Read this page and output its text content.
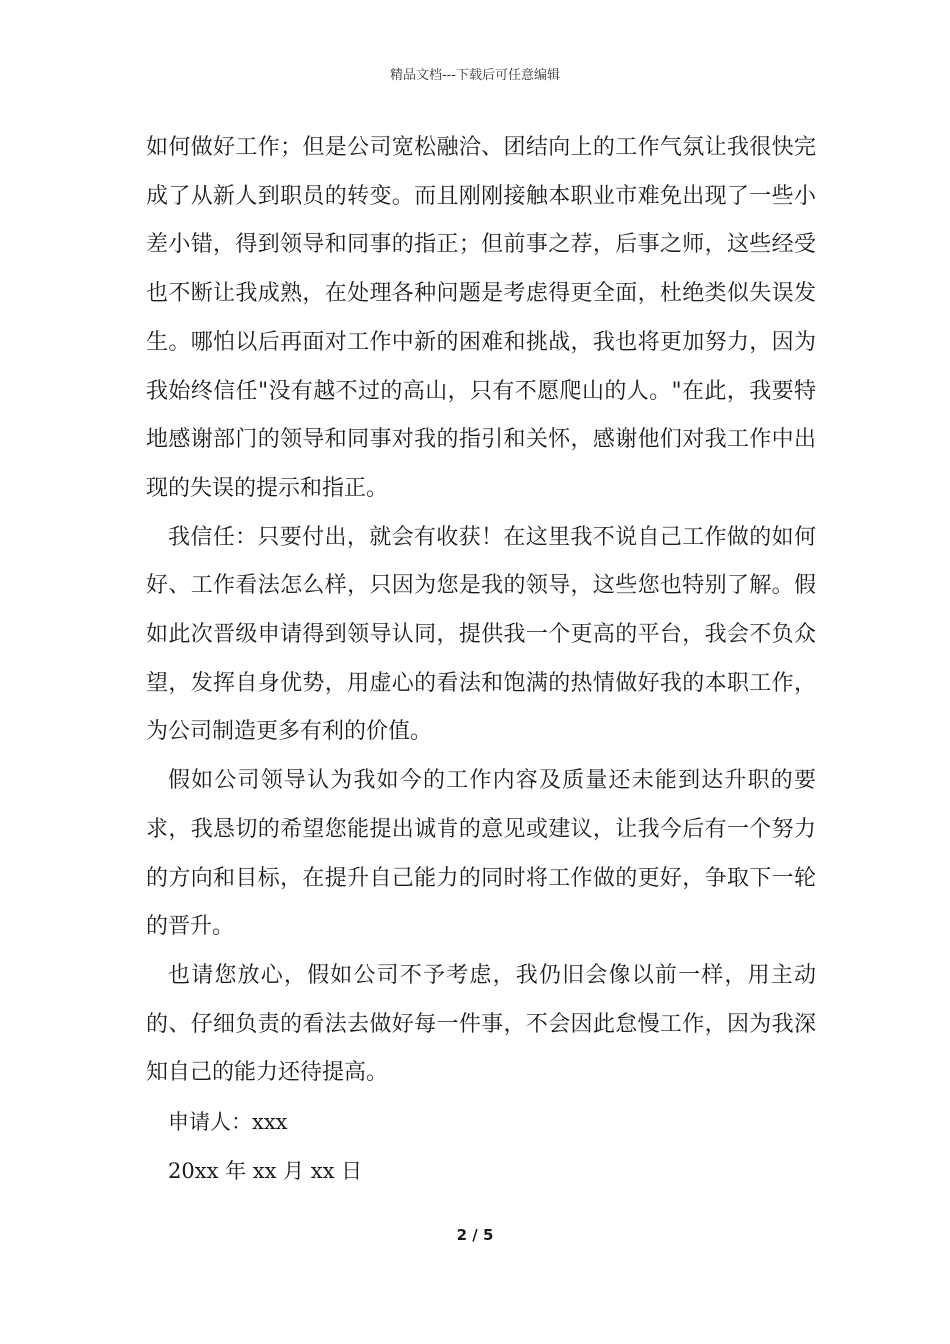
精品文档---下载后可任意编辑

如何做好工作；但是公司宽松融洽、团结向上的工作气氛让我很快完成了从新人到职员的转变。而且刚刚接触本职业市难免出现了一些小差小错，得到领导和同事的指正；但前事之荐，后事之师，这些经受也不断让我成熟，在处理各种问题是考虑得更全面，杜绝类似失误发生。哪怕以后再面对工作中新的困难和挑战，我也将更加努力，因为我始终信任"没有越不过的高山，只有不愿爬山的人。"在此，我要特地感谢部门的领导和同事对我的指引和关怀，感谢他们对我工作中出现的失误的提示和指正。

我信任：只要付出，就会有收获！在这里我不说自己工作做的如何好、工作看法怎么样，只因为您是我的领导，这些您也特别了解。假如此次晋级申请得到领导认同，提供我一个更高的平台，我会不负众望，发挥自身优势，用虚心的看法和饱满的热情做好我的本职工作，为公司制造更多有利的价值。

假如公司领导认为我如今的工作内容及质量还未能到达升职的要求，我恳切的希望您能提出诚肯的意见或建议，让我今后有一个努力的方向和目标，在提升自己能力的同时将工作做的更好，争取下一轮的晋升。

也请您放心，假如公司不予考虑，我仍旧会像以前一样，用主动的、仔细负责的看法去做好每一件事，不会因此怠慢工作，因为我深知自己的能力还待提高。

申请人：xxx

20xx 年 xx 月 xx 日

2 / 5
